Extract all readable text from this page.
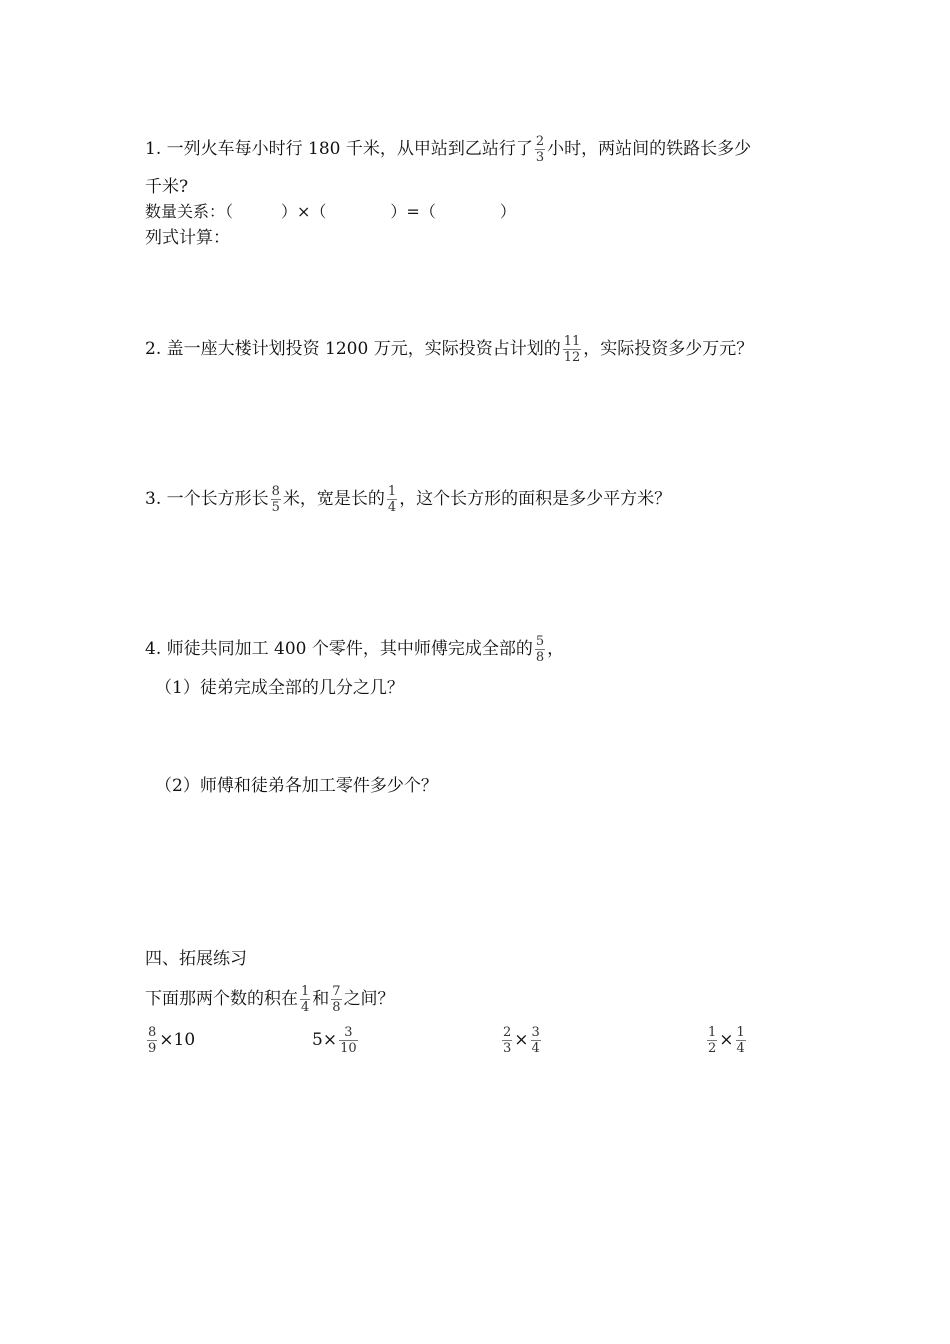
1. 一列火车每小时行 180 千米，从甲站到乙站行了 $\frac{2}{3}$ 小时，两站间的铁路长多少
千米?
数量关系：（　　　）×（　　　　）=（　　　　）
列式计算：
2. 盖一座大楼计划投资 1200 万元，实际投资占计划的 $\frac{11}{12}$ ，实际投资多少万元？
3. 一个长方形长 $\frac{8}{5}$ 米，宽是长的 $\frac{1}{4}$ ，这个长方形的面积是多少平方米？
4. 师徒共同加工 400 个零件，其中师傅完成全部的 $\frac{5}{8}$ ，
（1）徒弟完成全部的几分之几？
（2）师傅和徒弟各加工零件多少个？
四、拓展练习
下面那两个数的积在 $\frac{1}{4}$ 和 $\frac{7}{8}$ 之间？
$\frac{8}{9} \times 10$	$5\times \frac{3}{10}$	$\frac{2}{3} \times \frac{3}{4}$	$\frac{1}{2} \times \frac{1}{4}$
